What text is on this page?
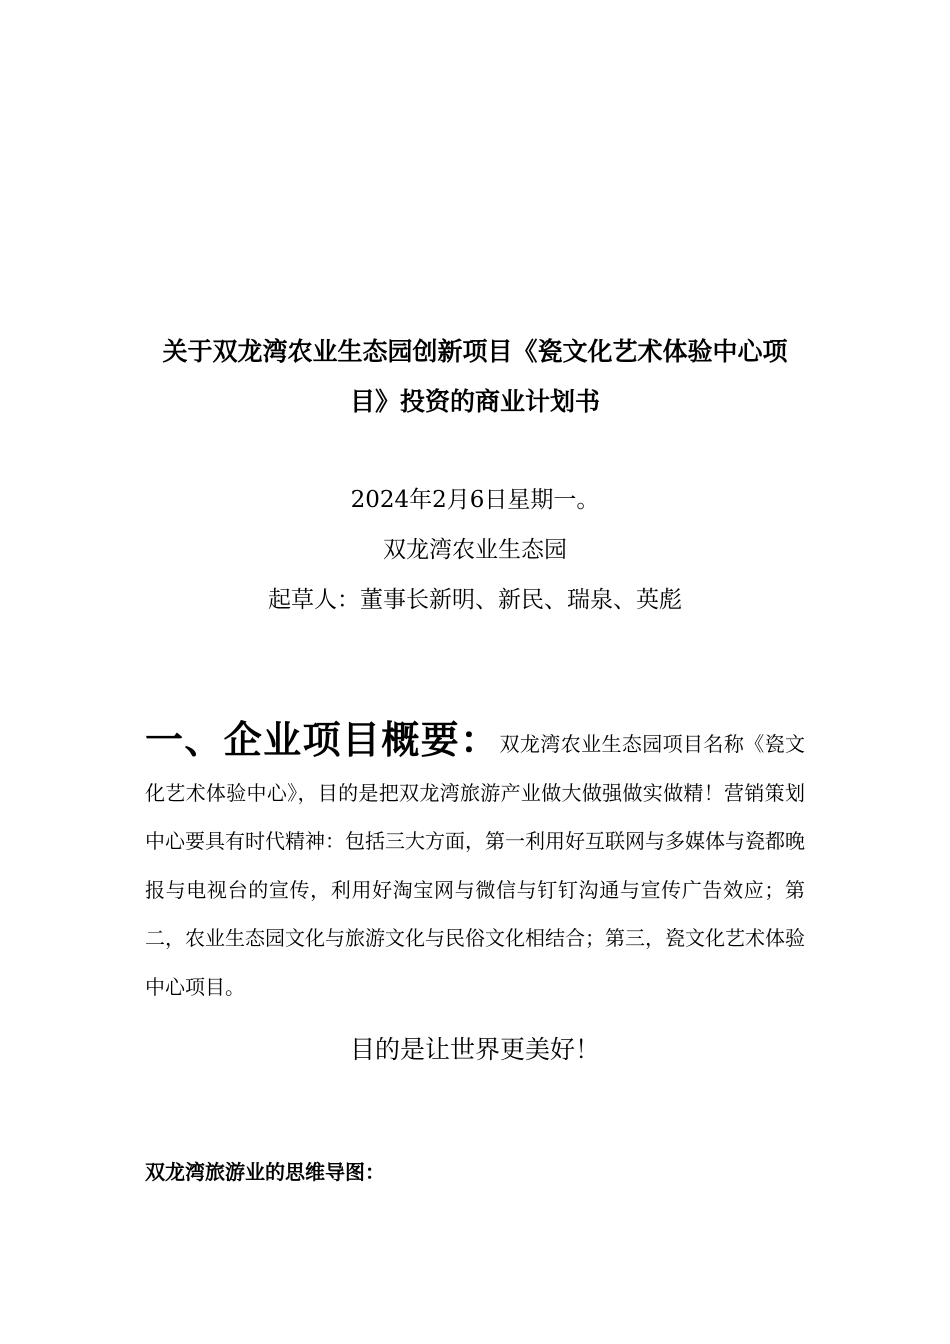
关于双龙湾农业生态园创新项目《瓷文化艺术体验中心项
目》投资的商业计划书
2024年2月6日星期一。
双龙湾农业生态园
起草人：董事长新明、新民、瑞泉、英彪
一、企业项目概要：双龙湾农业生态园项目名称《瓷文化艺术体验中心》，目的是把双龙湾旅游产业做大做强做实做精！营销策划中心要具有时代精神：包括三大方面，第一利用好互联网与多媒体与瓷都晚报与电视台的宣传，利用好淘宝网与微信与钉钉沟通与宣传广告效应；第二，农业生态园文化与旅游文化与民俗文化相结合；第三，瓷文化艺术体验中心项目。
目的是让世界更美好！
双龙湾旅游业的思维导图：
